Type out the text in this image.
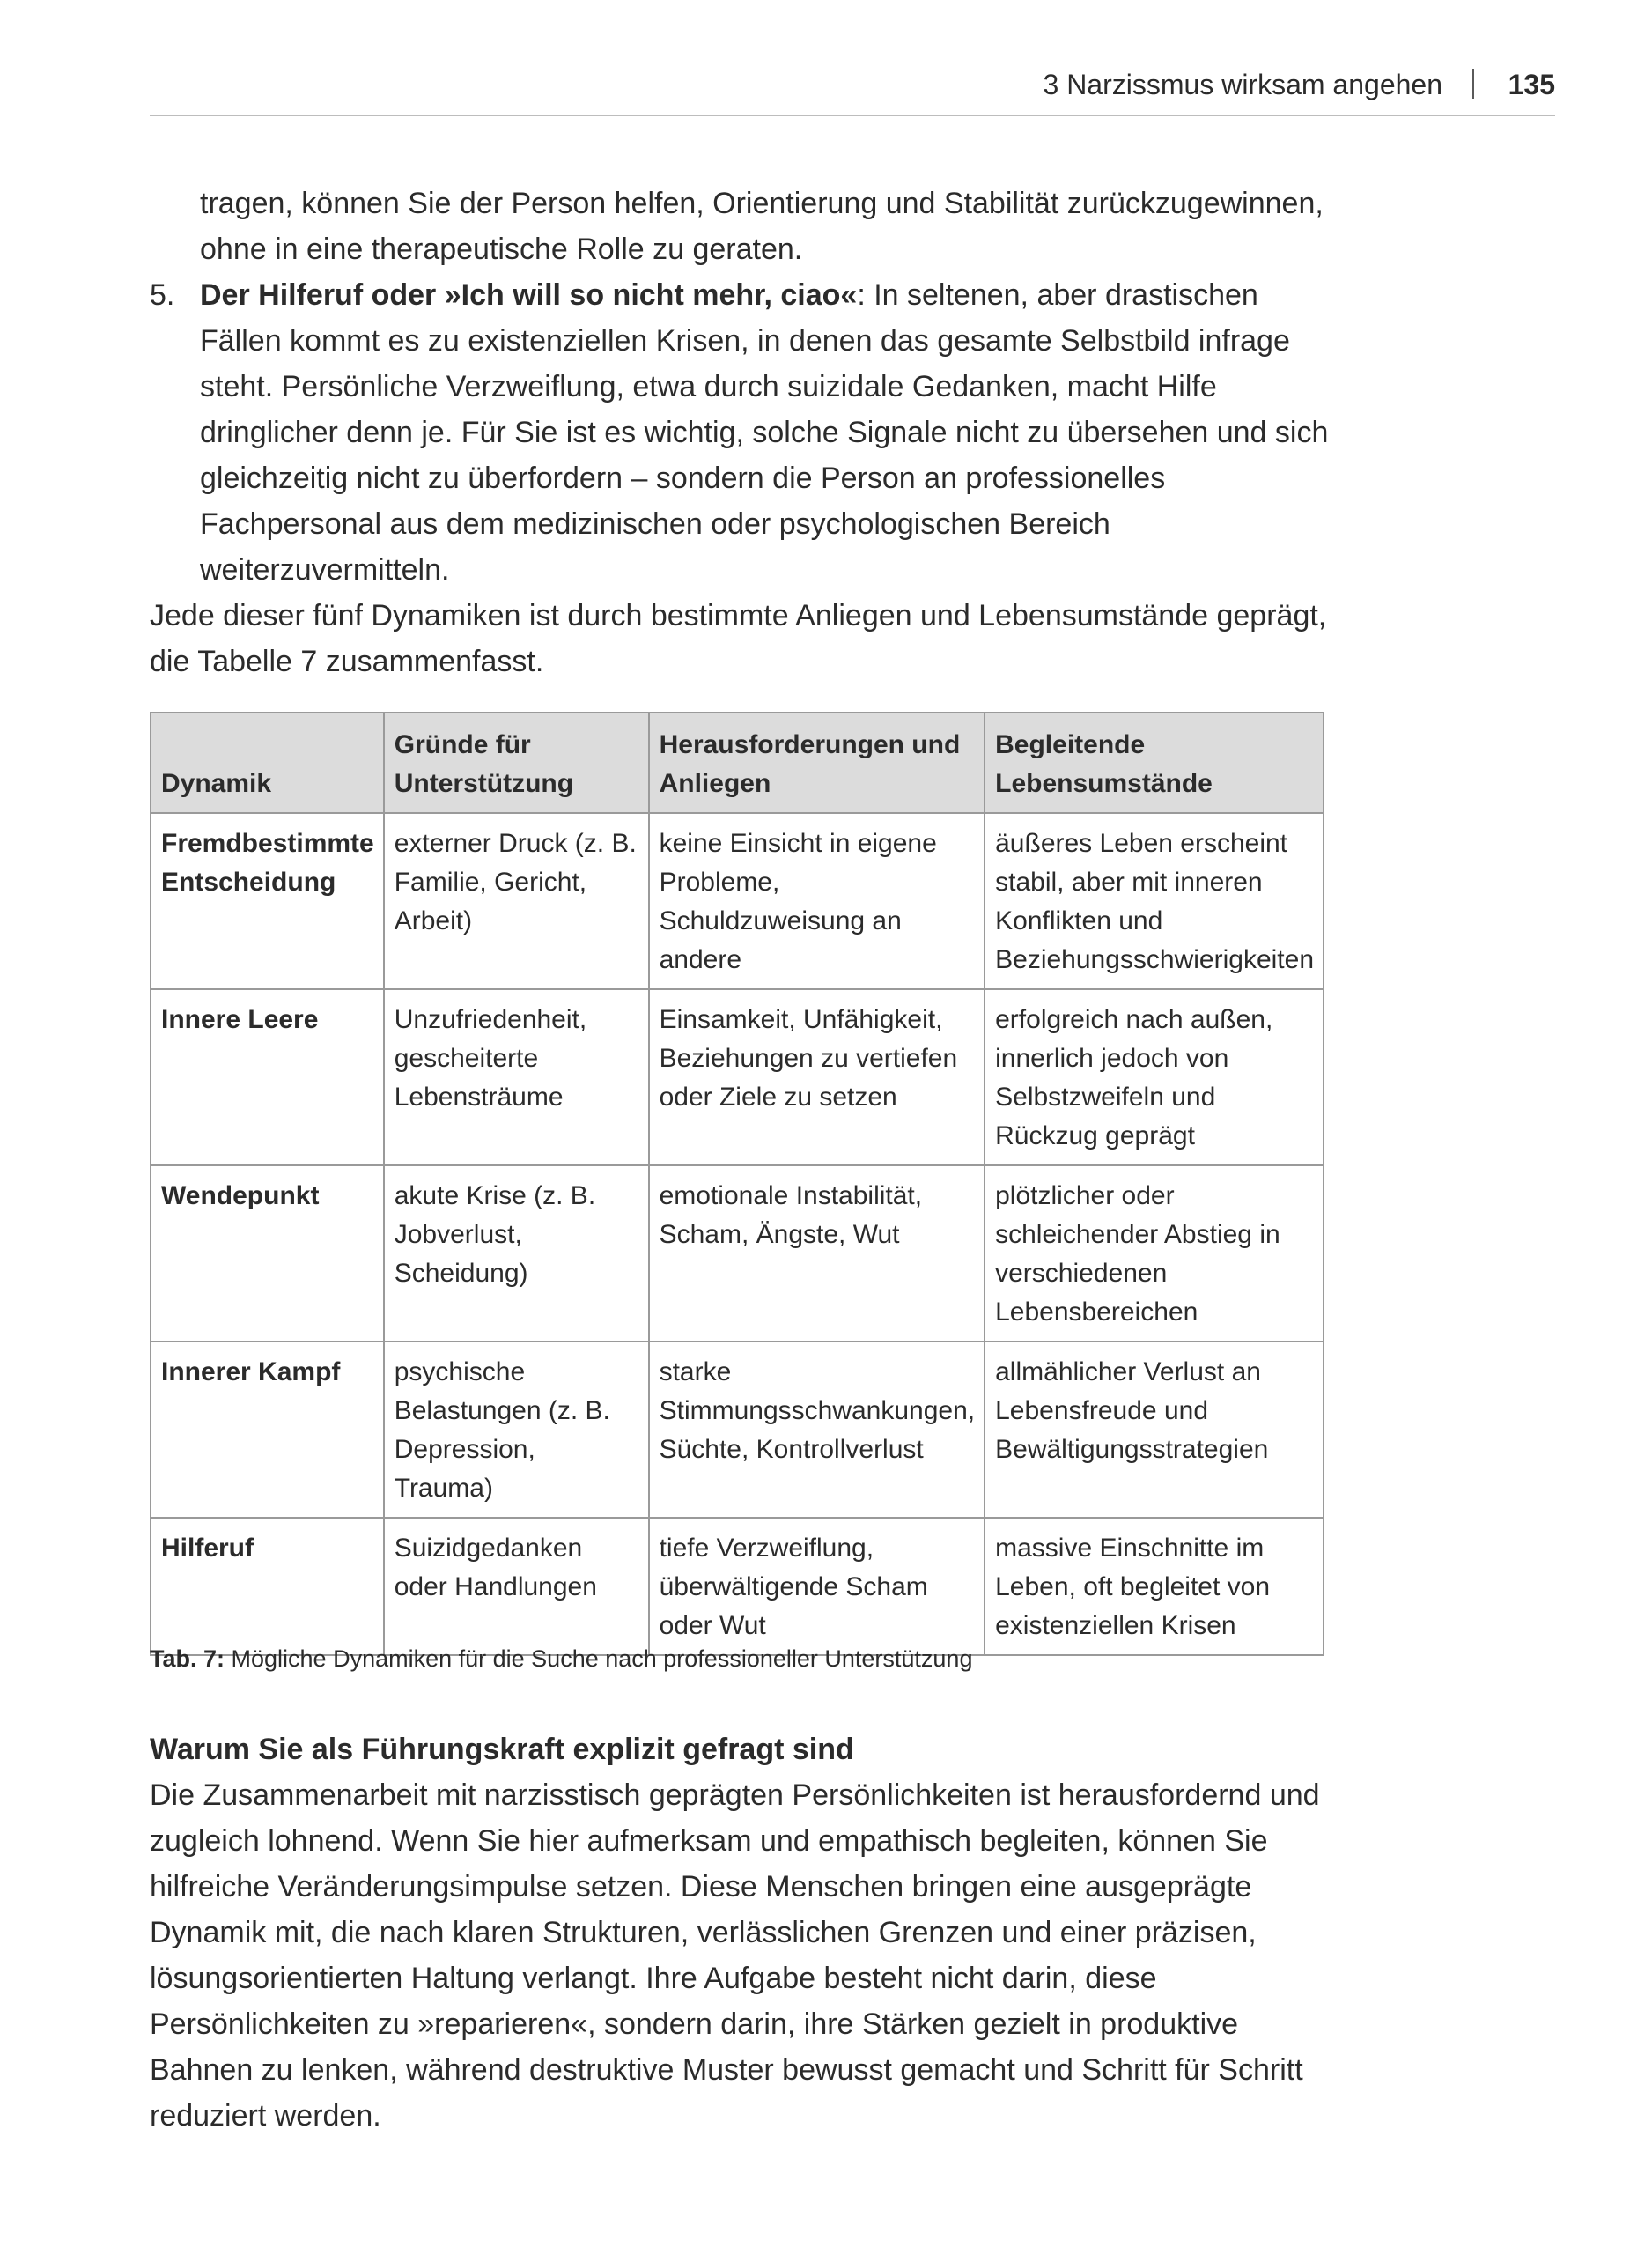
3 Narzissmus wirksam angehen 135
tragen, können Sie der Person helfen, Orientierung und Stabilität zurückzugewinnen, ohne in eine therapeutische Rolle zu geraten.
5. Der Hilferuf oder »Ich will so nicht mehr, ciao«: In seltenen, aber drastischen Fällen kommt es zu existenziellen Krisen, in denen das gesamte Selbstbild infrage steht. Persönliche Verzweiflung, etwa durch suizidale Gedanken, macht Hilfe dringlicher denn je. Für Sie ist es wichtig, solche Signale nicht zu übersehen und sich gleichzeitig nicht zu überfordern – sondern die Person an professionelles Fachpersonal aus dem medizinischen oder psychologischen Bereich weiterzuvermitteln.
Jede dieser fünf Dynamiken ist durch bestimmte Anliegen und Lebensumstände geprägt, die Tabelle 7 zusammenfasst.
Dynamik	Gründe für Unterstützung	Herausforderungen und Anliegen	Begleitende Lebensumstände
Fremdbestimmte Entscheidung	externer Druck (z. B. Familie, Gericht, Arbeit)	keine Einsicht in eigene Probleme, Schuldzuweisung an andere	äußeres Leben erscheint stabil, aber mit inneren Konflikten und Beziehungsschwierigkeiten
Innere Leere	Unzufriedenheit, gescheiterte Lebensträume	Einsamkeit, Unfähigkeit, Beziehungen zu vertiefen oder Ziele zu setzen	erfolgreich nach außen, innerlich jedoch von Selbstzweifeln und Rückzug geprägt
Wendepunkt	akute Krise (z. B. Jobverlust, Scheidung)	emotionale Instabilität, Scham, Ängste, Wut	plötzlicher oder schleichender Abstieg in verschiedenen Lebensbereichen
Innerer Kampf	psychische Belastungen (z. B. Depression, Trauma)	starke Stimmungsschwankungen, Süchte, Kontrollverlust	allmählicher Verlust an Lebensfreude und Bewältigungsstrategien
Hilferuf	Suizidgedanken oder Handlungen	tiefe Verzweiflung, überwältigende Scham oder Wut	massive Einschnitte im Leben, oft begleitet von existenziellen Krisen
Tab. 7: Mögliche Dynamiken für die Suche nach professioneller Unterstützung
Warum Sie als Führungskraft explizit gefragt sind
Die Zusammenarbeit mit narzisstisch geprägten Persönlichkeiten ist herausfordernd und zugleich lohnend. Wenn Sie hier aufmerksam und empathisch begleiten, können Sie hilfreiche Veränderungsimpulse setzen. Diese Menschen bringen eine ausgeprägte Dynamik mit, die nach klaren Strukturen, verlässlichen Grenzen und einer präzisen, lösungsorientierten Haltung verlangt. Ihre Aufgabe besteht nicht darin, diese Persönlichkeiten zu »reparieren«, sondern darin, ihre Stärken gezielt in produktive Bahnen zu lenken, während destruktive Muster bewusst gemacht und Schritt für Schritt reduziert werden.
